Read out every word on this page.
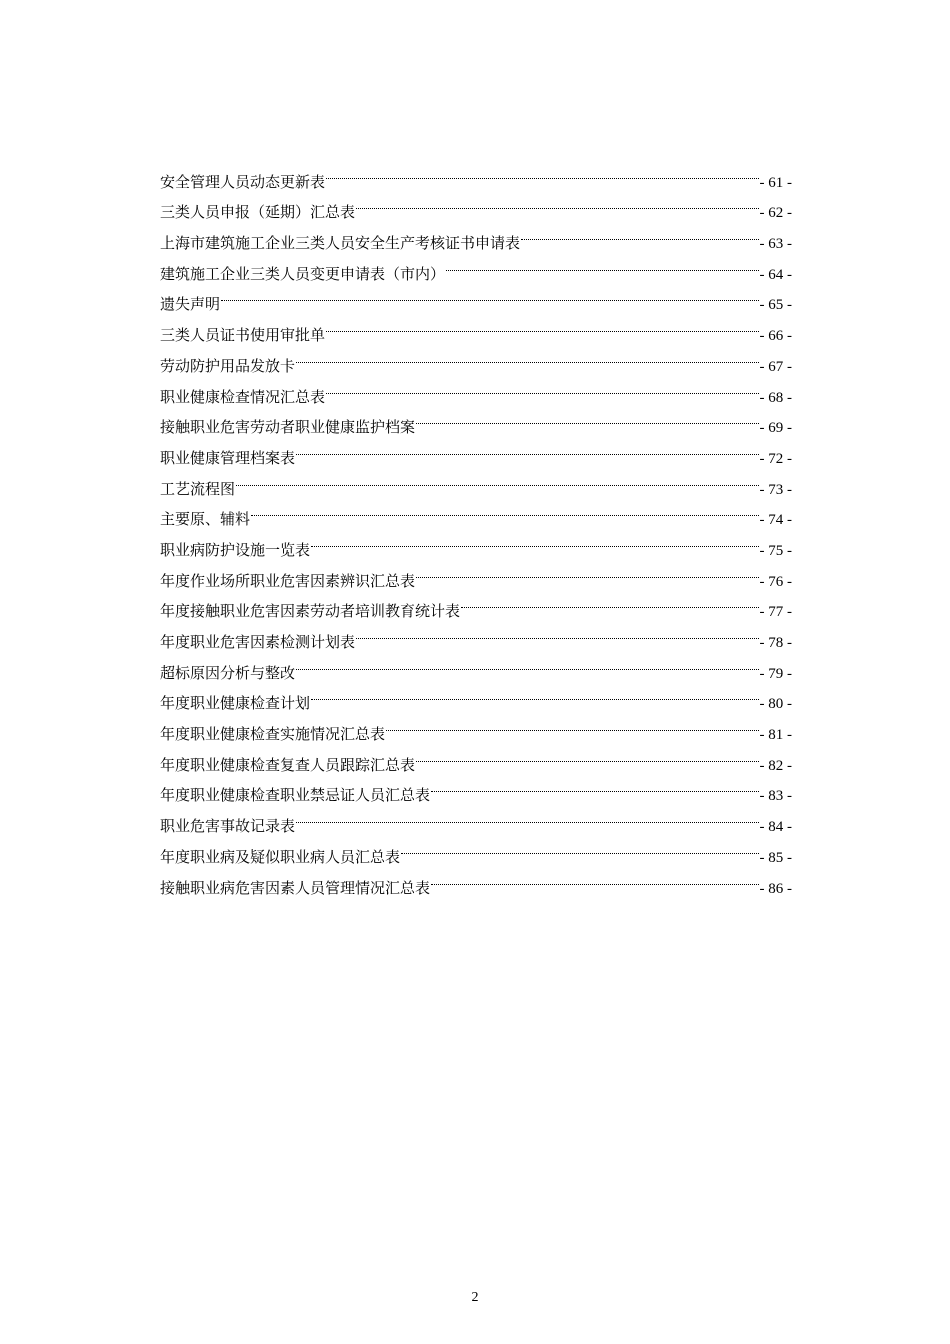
安全管理人员动态更新表	- 61 -
三类人员申报（延期）汇总表	- 62 -
上海市建筑施工企业三类人员安全生产考核证书申请表	- 63 -
建筑施工企业三类人员变更申请表（市内）	- 64 -
遗失声明	- 65 -
三类人员证书使用审批单	- 66 -
劳动防护用品发放卡	- 67 -
职业健康检查情况汇总表	- 68 -
接触职业危害劳动者职业健康监护档案	- 69 -
职业健康管理档案表	- 72 -
工艺流程图	- 73 -
主要原、辅料	- 74 -
职业病防护设施一览表	- 75 -
年度作业场所职业危害因素辨识汇总表	- 76 -
年度接触职业危害因素劳动者培训教育统计表	- 77 -
年度职业危害因素检测计划表	- 78 -
超标原因分析与整改	- 79 -
年度职业健康检查计划	- 80 -
年度职业健康检查实施情况汇总表	- 81 -
年度职业健康检查复查人员跟踪汇总表	- 82 -
年度职业健康检查职业禁忌证人员汇总表	- 83 -
职业危害事故记录表	- 84 -
年度职业病及疑似职业病人员汇总表	- 85 -
接触职业病危害因素人员管理情况汇总表	- 86 -
2
